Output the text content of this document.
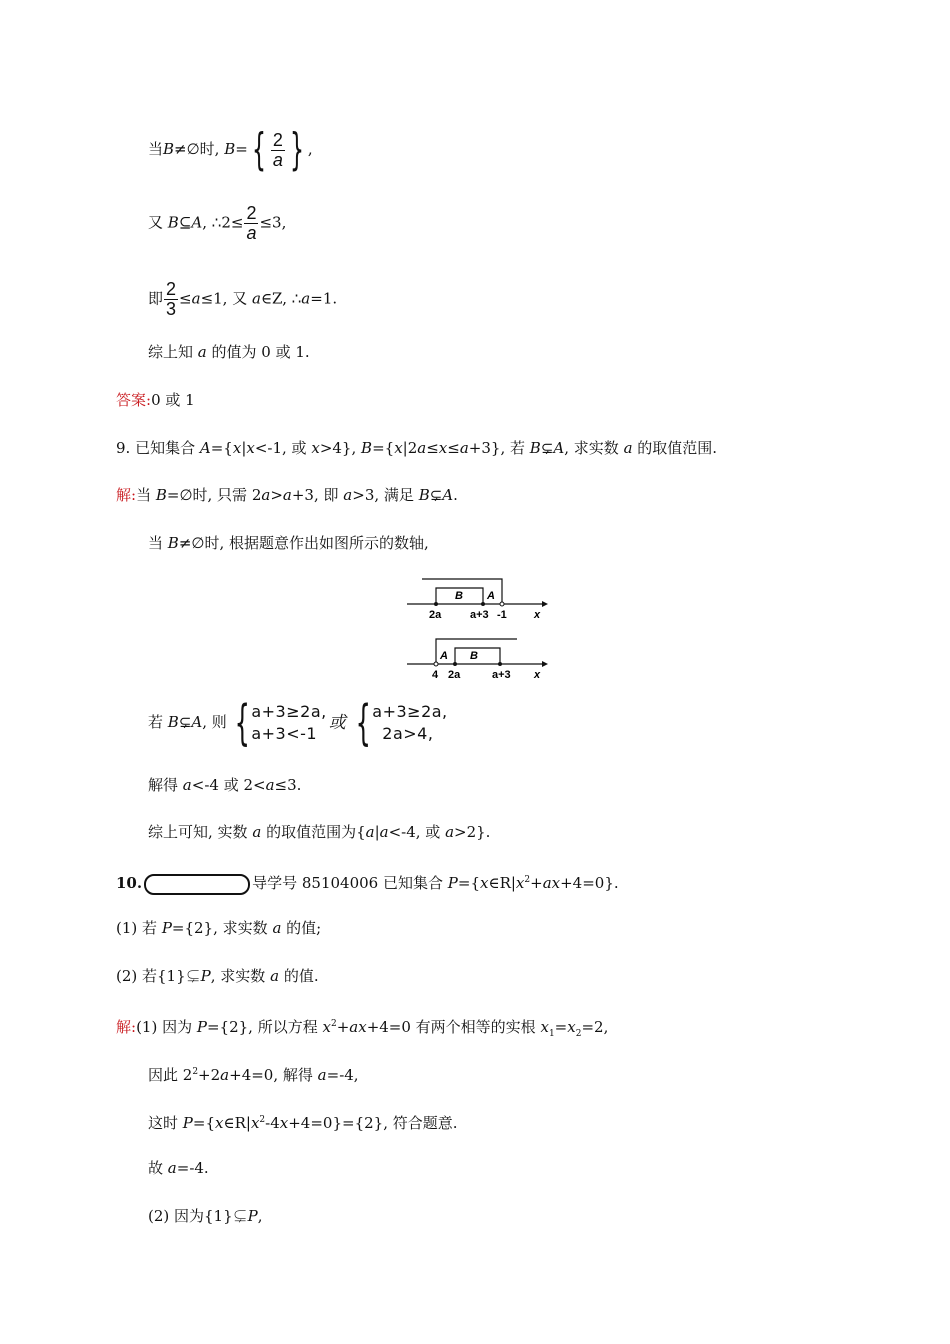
当B≠∅时, $B=\{ \frac{2}{a}$ } ,
又 B⊆A, ∴2≤ $\frac{2}{a} \le 3$,
即 $\frac{2}{3} \le a\le 1$, 又 a∈Z, ∴a=1.
综上知 a 的值为 0 或 1.
答案:0 或 1
9. 已知集合 A={x|x<-1, 或 x>4}, B={x|2a≤x≤a+3}, 若 B⊊A, 求实数 a 的取值范围.
解:当 B=∅时, 只需 2a>a+3, 即 a>3, 满足 B⊊A.
当 B≠∅时, 根据题意作出如图所示的数轴,
B A
2a	a+3 -1 x
A B
4 2a	a+3 x
若 B⊊A, 则 { a+3≥2a,
a+3<-1
或 { a+3≥2a,
2a>4,
解得 a<-4 或 2<a≤3.
综上可知, 实数 a 的取值范围为{a|a<-4, 或 a>2}.
10.	导学号 85104006 已知集合 $P=\{x\in R|x^2+ax+4=0\}$.
(1) 若 P={2}, 求实数 a 的值;
(2) 若{1}⊊P, 求实数 a 的值.
解:(1) 因为 P={2}, 所以方程 $x^2+ax+4=0$ 有两个相等的实根 $x_1=x_2=2$,
因此 $2^2+2a+4=0$, 解得 a=-4,
这时 $P=\{x\in R|x^2-4x+4=0\}=\{2\}$, 符合题意.
故 a=-4.
(2) 因为{1}⊊P,
